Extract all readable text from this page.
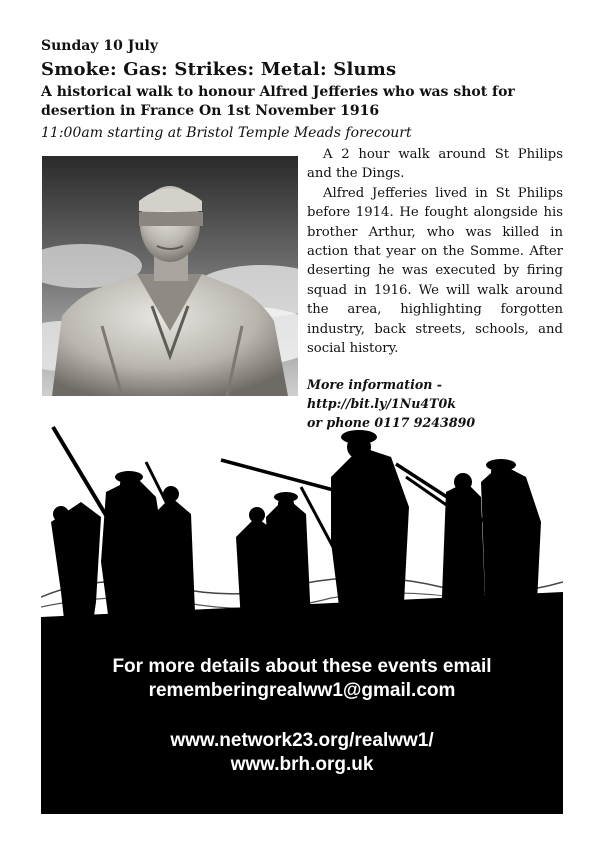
Sunday 10 July
Smoke: Gas: Strikes: Metal: Slums
A historical walk to honour Alfred Jefferies who was shot for desertion in France On 1st November 1916
11:00am starting at Bristol Temple Meads forecourt

A 2 hour walk around St Philips and the Dings.

Alfred Jefferies lived in St Philips before 1914. He fought alongside his brother Arthur, who was killed in action that year on the Somme. After deserting he was executed by firing squad in 1916. We will walk around the area, highlighting forgotten industry, back streets, schools, and social history.

More information - http://bit.ly/1Nu4T0k
or phone 0117 9243890
For more details about these events email
rememberingrealww1@gmail.com
www.network23.org/realww1/
www.brh.org.uk
